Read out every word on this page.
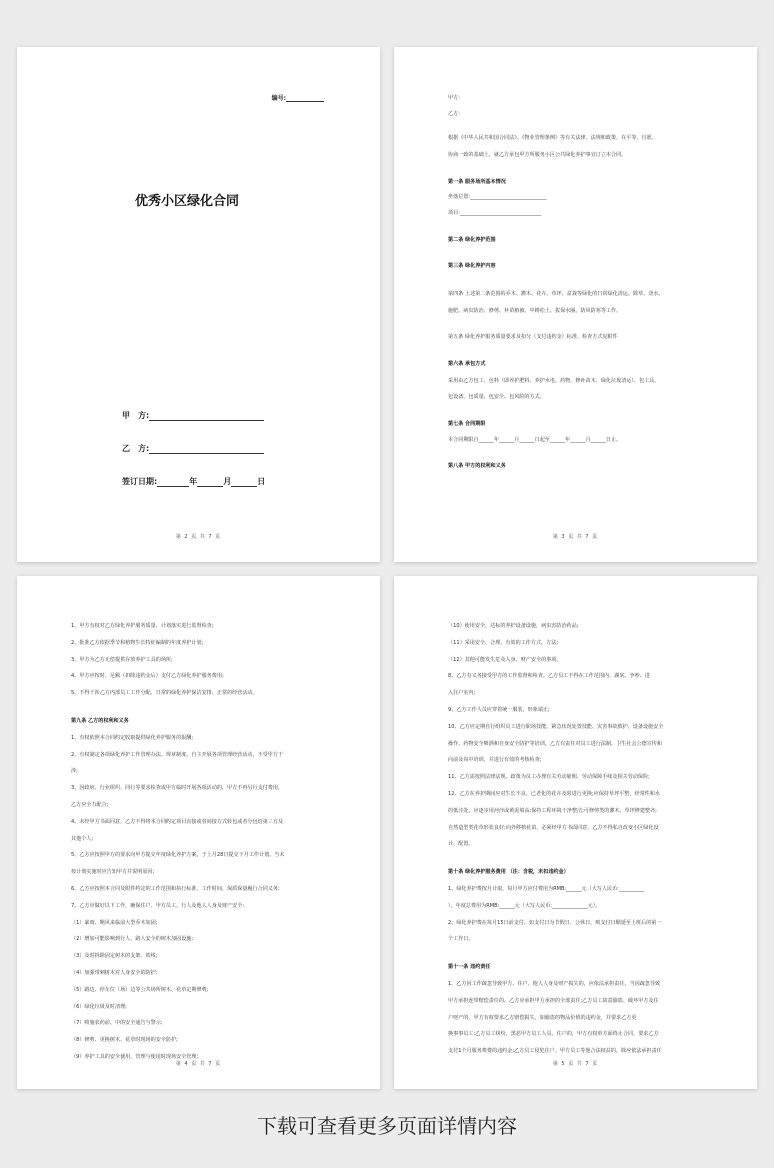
编号:
优秀小区绿化合同
甲　方:
乙　方:
签订日期:	年	月	日
第 2 页 共 7 页

甲方:

乙方:

根据《中华人民共和国合同法》、《物业管理条例》等有关法律、法规和政策，在平等、自愿、

协商一致的基础上，就乙方承包甲方所服务小区公共绿化养护事宜订立本合同。

第一条 服务场所基本情况

坐落位置:______________________________

项目:________________________________

第二条 绿化养护范围

第三条 绿化养护内容

第四条 上述第二条范围的乔木、灌木、花卉、草坪、盆栽等绿化的日常绿化清运、除草、浇水、

施肥、病虫防治、修剪、补苗植被、中耕松土、拔保水圈、防风防寒等工作。

第五条 绿化养护服务质量要求及扣分（支付违约金）标准、检查方式见附件

第六条 承包方式

采用由乙方包工、包料（即养护肥料、养护水电、药物、修补苗木、绿化垃圾清运）、包工具、

包设备、包质量、包安全、包风险的方式。

第七条 合同期限

本合同期限自______年______月______日起至______年______月______日止。

第八条 甲方的权利和义务

第 3 页 共 7 页

1、甲方有权对乙方绿化养护服务质量、计划落实进行监督检查;

2、批准乙方依据季节和植物生长特征编制的年度养护计划;

3、甲方为乙方无偿提供存放养护工具的场所;

4、甲方应按时、足额（扣除违约金后）支付乙方绿化养护服务费用;

5、不得干涉乙方内部员工工作分配、日常的绿化养护保洁安排、正常的经营活动。

第九条 乙方的权利和义务

1、有权依照本合同约定收取提供绿化养护服务的报酬;

2、有权制定各项绿化养护工作管理办法、规章制度，自主开展各项管理经营活动，不受甲方干

涉;

3、因政府、行业组织、同行等要求检查或甲方临时开展各项活动的，甲方不再另行支付费用，

乙方应全力配合;

4、未经甲方书面同意，乙方不得将本合同约定项目直接或者间接方式转包或者分包给第三方及

其他个人;

5、乙方应按照甲方的要求向甲方提交年度绿化养护方案，于上月28日提交下月工作计划。当未

按计划实施时应告知甲方并说明原因;

6、乙方应按照本合同及附件约定的工作范围和执行标准、工作时间，保质保量履行合同义务;

7、乙方应做好以下工作，确保住户、甲方员工、行人及他人人身及财产安全:

（1）暴雨、飓风来临前大型乔木加固;

（2）增加可能影响到行人、路人安全的树木加固设施;

（3）及时拆除固定树木的支架、铁线;

（4）加强带刺树木对人身安全的防护;

（5）路边、停车位（场）边等公共场所树木、花草定期修剪;

（6）绿化垃圾及时清理;

（7）喷施农药前、中的安全通告与警示;

（8）修剪、更换树木、花草时现场的安全防护;

（9）养护工具的安全使用、管理与使用时现场安全管理;

第 4 页 共 7 页

（10）使用安全、达标的养护设备设施，病虫害防治药品;

（11）采用安全、合理、有效的工作方式、方法;

（12）其他可能发生危及人身、财产安全的事项。

8、乙方有义务接受甲方的工作监督和检查。乙方员工不得在工作范围内、湖底、争吵、进

入住户室内;

9、乙方工作人员应穿着统一服装，形象端正;

10、乙方应定期自行组织员工进行职场技能、紧急状况处置技能、灾害事故救护、设备设施安全

操作、药物安全喷洒和自身安全防护等培训。乙方有责任对员工进行法制、卫生社会公德宣传和

向前及岗中培训，并进行有效的考核检查;

11、乙方需按照法律法规、政策为员工办理有关劳动雇佣、劳动保障手续及相关劳动保险;

12、乙方在养护期间应对生长不良、已老化的花卉及时进行更换;应保持草坪平整，经常性和水

的低洼处，应逐步用河沙或黄泥填高;保持工程环境干净整洁;可修剪类的灌木、草坪修建整齐;

自然造型类花草形状良好;向外移植花苗，必须经甲方书面同意，乙方不得私自改变小区绿化设

计、配置。

第十条 绿化养护服务费用 （注：含税，未扣违约金）

1、绿化养护费按月计取，每月甲方应付费用为RMB:______元（大写人民币:__________

），年度总费用为RMB:______元（大写人民币:______________元）。

2、绿化养护费在每月15日前支付，如支付日为节假日、公休日，则支付日顺延至上班后的第一

个工作日。

第十一条 违约责任

1、乙方因工作疏忽导致甲方、住户、他人人身及财产损失的，应依法承担责任，当因疏忽导致

甲方承担连带赔偿责任的，乙方应承担甲方承担的全部责任;乙方员工故意偷盗、破坏甲方及住

户财产的，甲方有权要求乙方赔偿损失，如偷盗的物品价值的违约金，并要求乙方更

换事事员工;乙方员工纠纷、黑恶甲方员工人员、住户的，甲方有权单方面终止合同，要求乙方

支付1个月服务费费的违约金;乙方员工侵犯住户、甲方员工等他合法权益的，除应依法承担责任

第 5 页 共 7 页
下载可查看更多页面详情内容
